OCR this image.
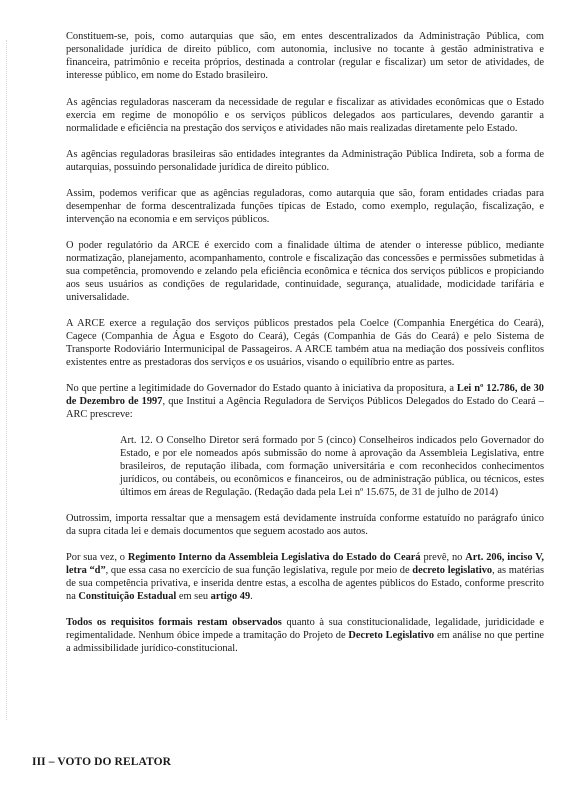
Constituem-se, pois, como autarquias que são, em entes descentralizados da Administração Pública, com personalidade jurídica de direito público, com autonomia, inclusive no tocante à gestão administrativa e financeira, patrimônio e receita próprios, destinada a controlar (regular e fiscalizar) um setor de atividades, de interesse público, em nome do Estado brasileiro.

As agências reguladoras nasceram da necessidade de regular e fiscalizar as atividades econômicas que o Estado exercia em regime de monopólio e os serviços públicos delegados aos particulares, devendo garantir a normalidade e eficiência na prestação dos serviços e atividades não mais realizadas diretamente pelo Estado.

As agências reguladoras brasileiras são entidades integrantes da Administração Pública Indireta, sob a forma de autarquias, possuindo personalidade jurídica de direito público.

Assim, podemos verificar que as agências reguladoras, como autarquia que são, foram entidades criadas para desempenhar de forma descentralizada funções típicas de Estado, como exemplo, regulação, fiscalização, e intervenção na economia e em serviços públicos.

O poder regulatório da ARCE é exercido com a finalidade última de atender o interesse público, mediante normatização, planejamento, acompanhamento, controle e fiscalização das concessões e permissões submetidas à sua competência, promovendo e zelando pela eficiência econômica e técnica dos serviços públicos e propiciando aos seus usuários as condições de regularidade, continuidade, segurança, atualidade, modicidade tarifária e universalidade.

A ARCE exerce a regulação dos serviços públicos prestados pela Coelce (Companhia Energética do Ceará), Cagece (Companhia de Água e Esgoto do Ceará), Cegás (Companhia de Gás do Ceará) e pelo Sistema de Transporte Rodoviário Intermunicipal de Passageiros. A ARCE também atua na mediação dos possíveis conflitos existentes entre as prestadoras dos serviços e os usuários, visando o equilíbrio entre as partes.

No que pertine a legitimidade do Governador do Estado quanto à iniciativa da propositura, a Lei nº 12.786, de 30 de Dezembro de 1997, que Institui a Agência Reguladora de Serviços Públicos Delegados do Estado do Ceará – ARC prescreve:

Art. 12. O Conselho Diretor será formado por 5 (cinco) Conselheiros indicados pelo Governador do Estado, e por ele nomeados após submissão do nome à aprovação da Assembleia Legislativa, entre brasileiros, de reputação ilibada, com formação universitária e com reconhecidos conhecimentos jurídicos, ou contábeis, ou econômicos e financeiros, ou de administração pública, ou técnicos, estes últimos em áreas de Regulação. (Redação dada pela Lei nº 15.675, de 31 de julho de 2014)

Outrossim, importa ressaltar que a mensagem está devidamente instruída conforme estatuído no parágrafo único da supra citada lei e demais documentos que seguem acostado aos autos.

Por sua vez, o Regimento Interno da Assembleia Legislativa do Estado do Ceará prevê, no Art. 206, inciso V, letra “d”, que essa casa no exercício de sua função legislativa, regule por meio de decreto legislativo, as matérias de sua competência privativa, e inserida dentre estas, a escolha de agentes públicos do Estado, conforme prescrito na Constituição Estadual em seu artigo 49.

Todos os requisitos formais restam observados quanto à sua constitucionalidade, legalidade, juridicidade e regimentalidade. Nenhum óbice impede a tramitação do Projeto de Decreto Legislativo em análise no que pertine a admissibilidade jurídico-constitucional.

III – VOTO DO RELATOR
